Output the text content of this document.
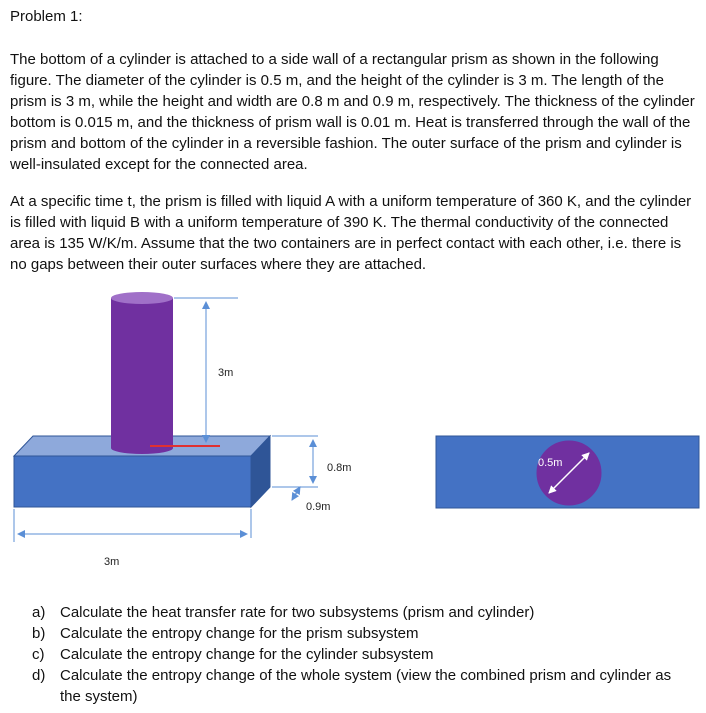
Problem 1:

The bottom of a cylinder is attached to a side wall of a rectangular prism as shown in the following figure. The diameter of the cylinder is 0.5 m, and the height of the cylinder is 3 m. The length of the prism is 3 m, while the height and width are 0.8 m and 0.9 m, respectively. The thickness of the cylinder bottom is 0.015 m, and the thickness of prism wall is 0.01 m. Heat is transferred through the wall of the prism and bottom of the cylinder in a reversible fashion. The outer surface of the prism and cylinder is well-insulated except for the connected area.

At a specific time t, the prism is filled with liquid A with a uniform temperature of 360 K, and the cylinder is filled with liquid B with a uniform temperature of 390 K. The thermal conductivity of the connected area is 135 W/K/m. Assume that the two containers are in perfect contact with each other, i.e. there is no gaps between their outer surfaces where they are attached.

3m
0.8m
0.9m
3m
0.5m
a) Calculate the heat transfer rate for two subsystems (prism and cylinder)
b) Calculate the entropy change for the prism subsystem
c)	Calculate the entropy change for the cylinder subsystem
d) Calculate the entropy change of the whole system (view the combined prism and cylinder as the system)
